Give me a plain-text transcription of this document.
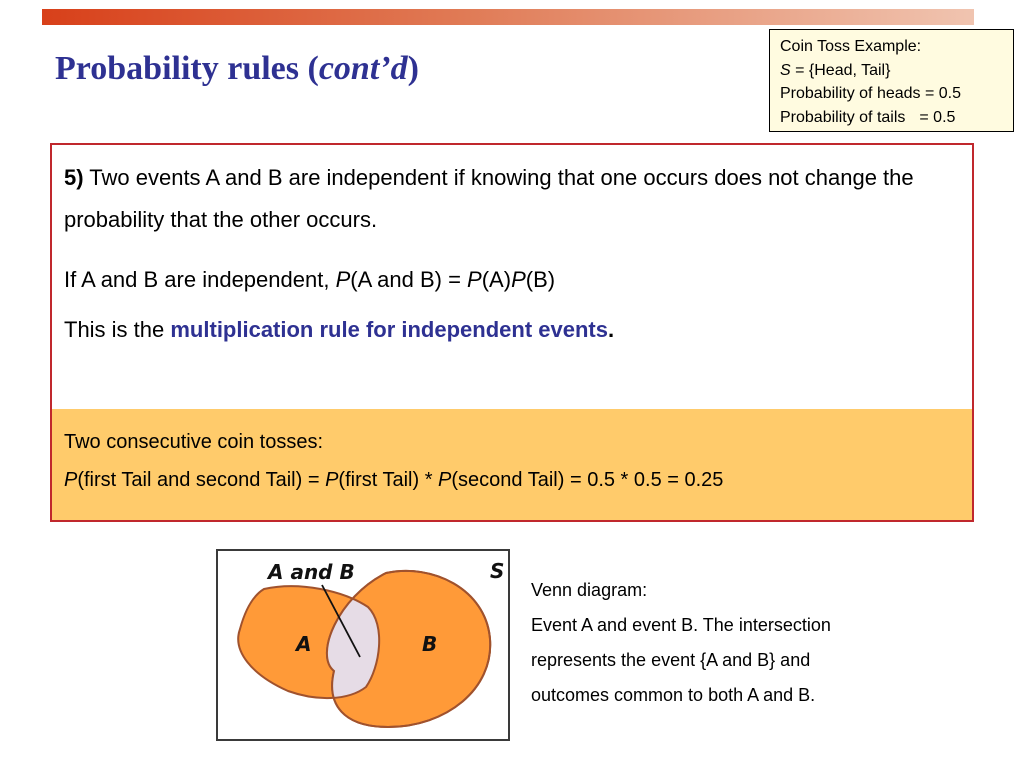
Probability rules (cont’d)
Coin Toss Example:
S = {Head, Tail}
Probability of heads = 0.5
Probability of tails = 0.5

5) Two events A and B are independent if knowing that one occurs does not change the probability that the other occurs.

If A and B are independent, P(A and B) = P(A)P(B)

This is the multiplication rule for independent events.

Two consecutive coin tosses:
P(first Tail and second Tail) = P(first Tail) * P(second Tail) = 0.5 * 0.5 = 0.25
A and B	S
A	B
Venn diagram:
Event A and event B. The intersection
represents the event {A and B} and
outcomes common to both A and B.
